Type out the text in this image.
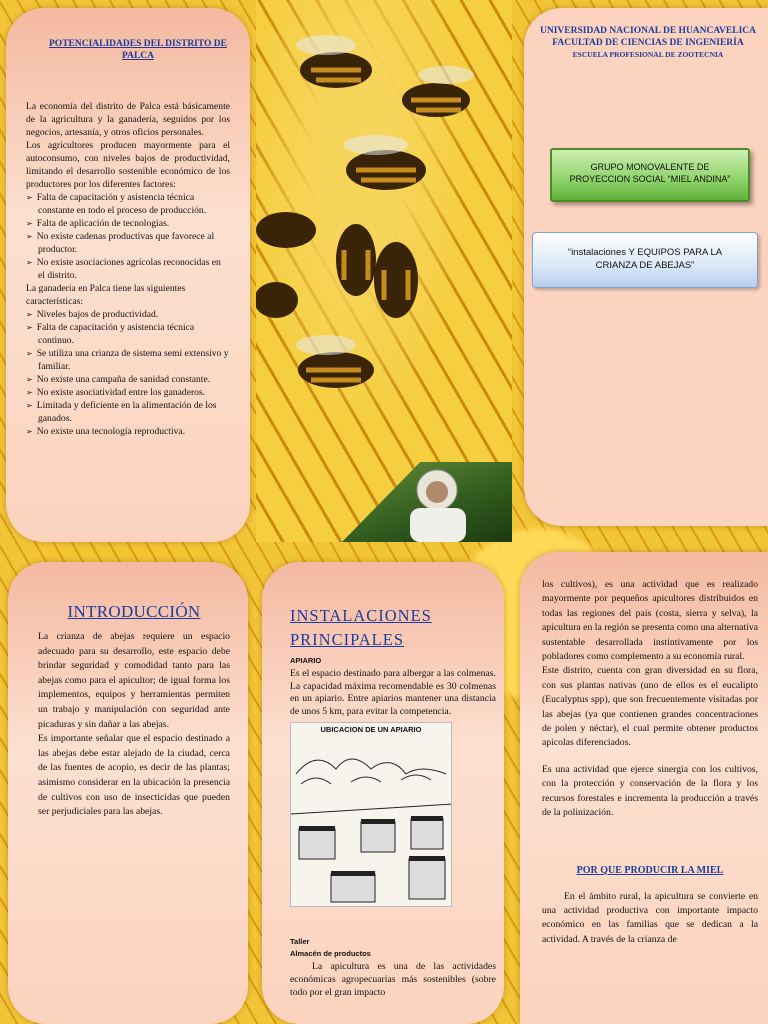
POTENCIALIDADES DEL DISTRITO DE PALCA
La economía del distrito de Palca está básicamente de la agricultura y la ganadería, seguidos por los negocios, artesanía, y otros oficios personales.
Los agricultores producen mayormente para el autoconsumo, con niveles bajos de productividad, limitando el desarrollo sostenible económico de los productores por los diferentes factores:
➢ Falta de capacitación y asistencia técnica constante en todo el proceso de producción.
➢ Falta de aplicación de tecnologías.
➢ No existe cadenas productivas que favorece al productor.
➢ No existe asociaciones agrícolas reconocidas en el distrito.
La ganadería en Palca tiene las siguientes características:
➢ Niveles bajos de productividad.
➢ Falta de capacitación y asistencia técnica continuo.
➢ Se utiliza una crianza de sistema semi extensivo y familiar.
➢ No existe una campaña de sanidad constante.
➢ No existe asociatividad entre los ganaderos.
➢ Limitada y deficiente en la alimentación de los ganados.
➢ No existe una tecnología reproductiva.
UNIVERSIDAD NACIONAL DE HUANCAVELICA
FACULTAD DE CIENCIAS DE INGENIERÍA
ESCUELA PROFESIONAL DE ZOOTECNIA
GRUPO MONOVALENTE DE
PROYECCION SOCIAL “MIEL ANDINA”
“instalaciones Y EQUIPOS PARA LA
CRIANZA DE ABEJAS”
INTRODUCCIÓN
La crianza de abejas requiere un espacio adecuado para su desarrollo, este espacio debe brindar seguridad y comodidad tanto para las abejas como para el apicultor; de igual forma los implementos, equipos y herramientas permiten un trabajo y manipulación con seguridad ante picaduras y sin dañar a las abejas.
Es importante señalar que el espacio destinado a las abejas debe estar alejado de la ciudad, cerca de las fuentes de acopio, es decir de las plantas; asimismo considerar en la ubicación la presencia de cultivos con uso de insecticidas que pueden ser perjudiciales para las abejas.
INSTALACIONES
PRINCIPALES
APIARIO
Es el espacio destinado para albergar a las colmenas. La capacidad máxima recomendable es 30 colmenas en un apiario. Entre apiarios mantener una distancia de unos 5 km, para evitar la competencia.
UBICACION DE UN APIARIO
Taller
Almacén de productos
La apicultura es una de las actividades económicas agropecuarias más sostenibles (sobre todo por el gran impacto
los cultivos), es una actividad que es realizado mayormente por pequeños apicultores distribuidos en todas las regiones del país (costa, sierra y selva), la apicultura en la región se presenta como una alternativa sustentable desarrollada instintivamente por los pobladores como complemento a su economía rural.
Este distrito, cuenta con gran diversidad en su flora, con sus plantas nativas (uno de ellos es el eucalipto (Eucalyptus spp), que son frecuentemente visitadas por las abejas (ya que contienen grandes concentraciones de polen y néctar), el cual permite obtener productos apícolas diferenciados.
Es una actividad que ejerce sinergia con los cultivos, con la protección y conservación de la flora y los recursos forestales e incrementa la producción a través de la polinización.
POR QUE PRODUCIR LA MIEL
En el ámbito rural, la apicultura se convierte en una actividad productiva con importante impacto económico en las familias que se dedican a la actividad. A través de la crianza de
